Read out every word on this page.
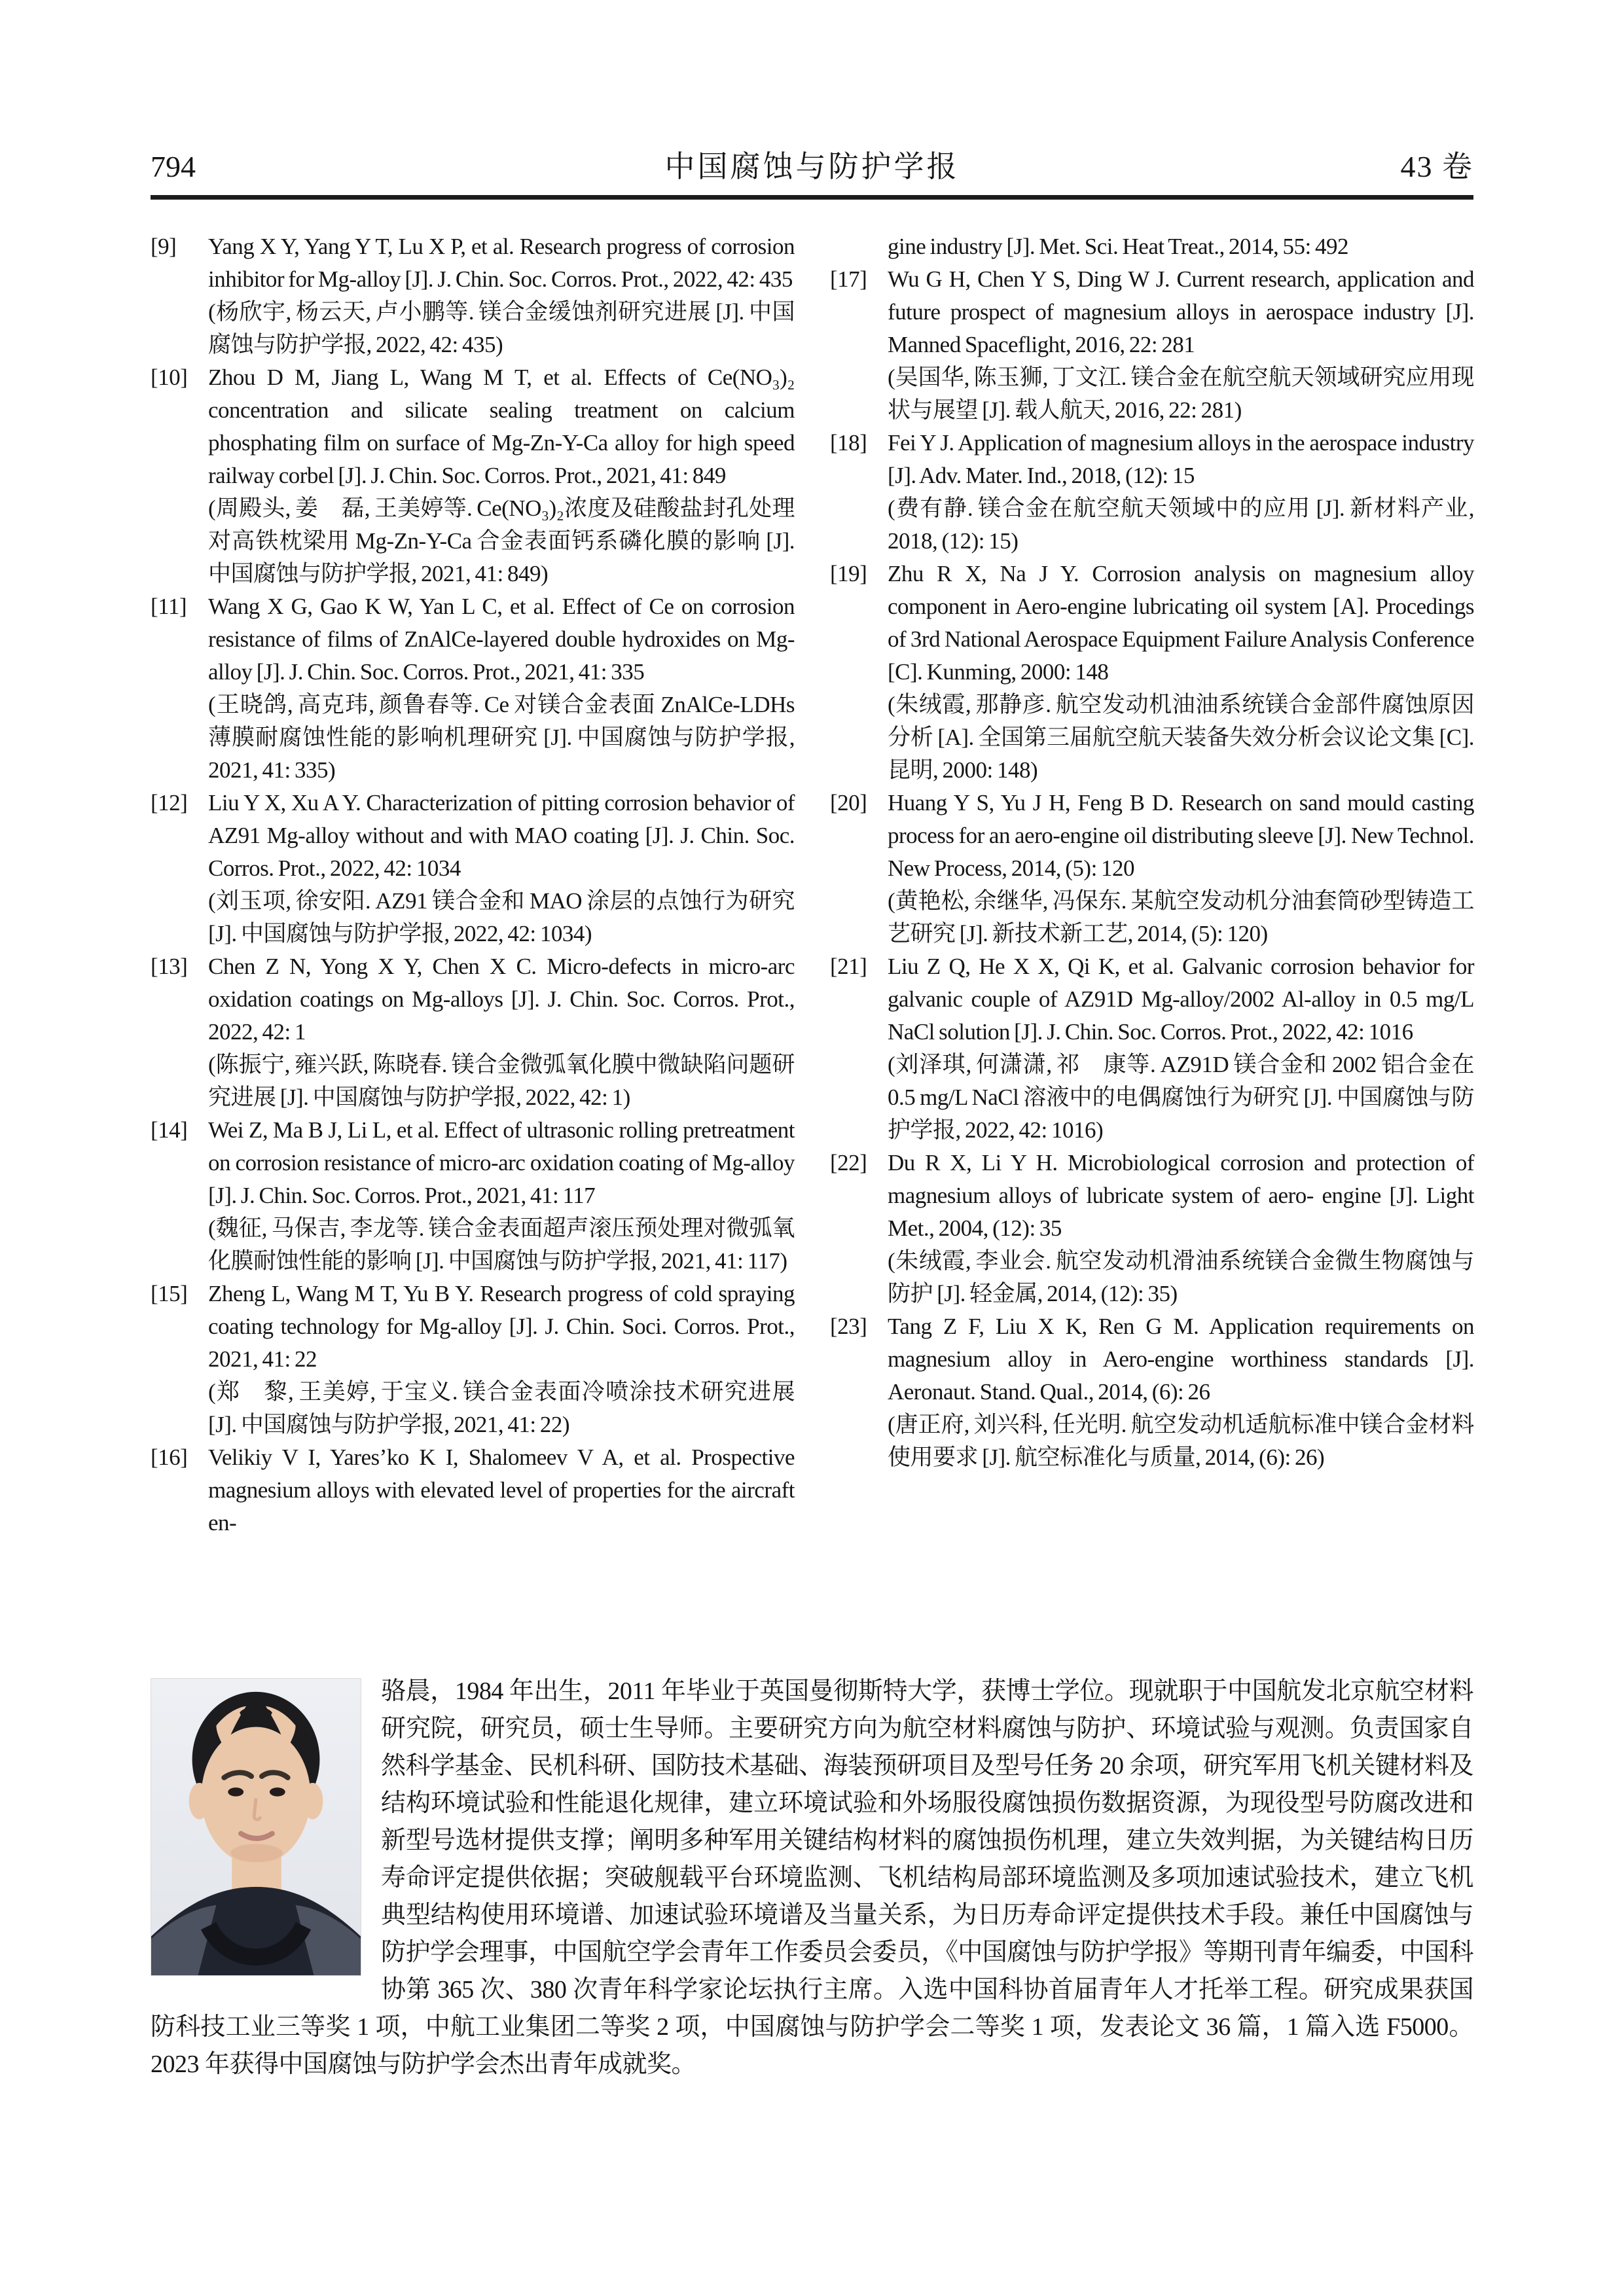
794	中国腐蚀与防护学报	43 卷
[9] Yang X Y, Yang Y T, Lu X P, et al. Research progress of corrosion inhibitor for Mg-alloy [J]. J. Chin. Soc. Corros. Prot., 2022, 42: 435

(杨欣宇, 杨云天, 卢小鹏等. 镁合金缓蚀剂研究进展 [J]. 中国腐蚀与防护学报, 2022, 42: 435)

[10] Zhou D M, Jiang L, Wang M T, et al. Effects of Ce(NO₃)₂ concentration and silicate sealing treatment on calcium phosphating film on surface of Mg-Zn-Y-Ca alloy for high speed railway corbel [J]. J. Chin. Soc. Corros. Prot., 2021, 41: 849

(周殿头, 姜　磊, 王美婷等. Ce(NO₃)₂浓度及硅酸盐封孔处理对高铁枕梁用 Mg-Zn-Y-Ca 合金表面钙系磷化膜的影响 [J]. 中国腐蚀与防护学报, 2021, 41: 849)

[11] Wang X G, Gao K W, Yan L C, et al. Effect of Ce on corrosion resistance of films of ZnAlCe-layered double hydroxides on Mg-alloy [J]. J. Chin. Soc. Corros. Prot., 2021, 41: 335

(王晓鸽, 高克玮, 颜鲁春等. Ce 对镁合金表面 ZnAlCe-LDHs 薄膜耐腐蚀性能的影响机理研究 [J]. 中国腐蚀与防护学报, 2021, 41: 335)

[12] Liu Y X, Xu A Y. Characterization of pitting corrosion behavior of AZ91 Mg-alloy without and with MAO coating [J]. J. Chin. Soc. Corros. Prot., 2022, 42: 1034

(刘玉项, 徐安阳. AZ91 镁合金和 MAO 涂层的点蚀行为研究 [J]. 中国腐蚀与防护学报, 2022, 42: 1034)

[13] Chen Z N, Yong X Y, Chen X C. Micro-defects in micro-arc oxidation coatings on Mg-alloys [J]. J. Chin. Soc. Corros. Prot., 2022, 42: 1

(陈振宁, 雍兴跃, 陈晓春. 镁合金微弧氧化膜中微缺陷问题研究进展 [J]. 中国腐蚀与防护学报, 2022, 42: 1)

[14] Wei Z, Ma B J, Li L, et al. Effect of ultrasonic rolling pretreatment on corrosion resistance of micro-arc oxidation coating of Mg-alloy [J]. J. Chin. Soc. Corros. Prot., 2021, 41: 117

(魏征, 马保吉, 李龙等. 镁合金表面超声滚压预处理对微弧氧化膜耐蚀性能的影响 [J]. 中国腐蚀与防护学报, 2021, 41: 117)

[15] Zheng L, Wang M T, Yu B Y. Research progress of cold spraying coating technology for Mg-alloy [J]. J. Chin. Soci. Corros. Prot., 2021, 41: 22

(郑　黎, 王美婷, 于宝义. 镁合金表面冷喷涂技术研究进展 [J]. 中国腐蚀与防护学报, 2021, 41: 22)

[16] Velikiy V I, Yares’ko K I, Shalomeev V A, et al. Prospective magnesium alloys with elevated level of properties for the aircraft en-

gine industry [J]. Met. Sci. Heat Treat., 2014, 55: 492

[17] Wu G H, Chen Y S, Ding W J. Current research, application and future prospect of magnesium alloys in aerospace industry [J]. Manned Spaceflight, 2016, 22: 281

(吴国华, 陈玉狮, 丁文江. 镁合金在航空航天领域研究应用现状与展望 [J]. 载人航天, 2016, 22: 281)

[18] Fei Y J. Application of magnesium alloys in the aerospace industry [J]. Adv. Mater. Ind., 2018, (12): 15

(费有静. 镁合金在航空航天领域中的应用 [J]. 新材料产业, 2018, (12): 15)

[19] Zhu R X, Na J Y. Corrosion analysis on magnesium alloy component in Aero-engine lubricating oil system [A]. Procedings of 3rd National Aerospace Equipment Failure Analysis Conference [C]. Kunming, 2000: 148

(朱绒霞, 那静彦. 航空发动机油油系统镁合金部件腐蚀原因分析 [A]. 全国第三届航空航天装备失效分析会议论文集 [C]. 昆明, 2000: 148)

[20] Huang Y S, Yu J H, Feng B D. Research on sand mould casting process for an aero-engine oil distributing sleeve [J]. New Technol. New Process, 2014, (5): 120

(黄艳松, 余继华, 冯保东. 某航空发动机分油套筒砂型铸造工艺研究 [J]. 新技术新工艺, 2014, (5): 120)

[21] Liu Z Q, He X X, Qi K, et al. Galvanic corrosion behavior for galvanic couple of AZ91D Mg-alloy/2002 Al-alloy in 0.5 mg/L NaCl solution [J]. J. Chin. Soc. Corros. Prot., 2022, 42: 1016

(刘泽琪, 何潇潇, 祁　康等. AZ91D 镁合金和 2002 铝合金在 0.5 mg/L NaCl 溶液中的电偶腐蚀行为研究 [J]. 中国腐蚀与防护学报, 2022, 42: 1016)

[22] Du R X, Li Y H. Microbiological corrosion and protection of magnesium alloys of lubricate system of aero- engine [J]. Light Met., 2004, (12): 35

(朱绒霞, 李业会. 航空发动机滑油系统镁合金微生物腐蚀与防护 [J]. 轻金属, 2014, (12): 35)

[23] Tang Z F, Liu X K, Ren G M. Application requirements on magnesium alloy in Aero-engine worthiness standards [J]. Aeronaut. Stand. Qual., 2014, (6): 26

(唐正府, 刘兴科, 任光明. 航空发动机适航标准中镁合金材料使用要求 [J]. 航空标准化与质量, 2014, (6): 26)

骆晨，1984 年出生，2011 年毕业于英国曼彻斯特大学，获博士学位。现就职于中国航发北京航空材料研究院，研究员，硕士生导师。主要研究方向为航空材料腐蚀与防护、环境试验与观测。负责国家自然科学基金、民机科研、国防技术基础、海装预研项目及型号任务 20 余项，研究军用飞机关键材料及结构环境试验和性能退化规律，建立环境试验和外场服役腐蚀损伤数据资源，为现役型号防腐改进和新型号选材提供支撑；阐明多种军用关键结构材料的腐蚀损伤机理，建立失效判据，为关键结构日历寿命评定提供依据；突破舰载平台环境监测、飞机结构局部环境监测及多项加速试验技术，建立飞机典型结构使用环境谱、加速试验环境谱及当量关系，为日历寿命评定提供技术手段。兼任中国腐蚀与防护学会理事，中国航空学会青年工作委员会委员，《中国腐蚀与防护学报》等期刊青年编委，中国科协第 365 次、380 次青年科学家论坛执行主席。入选中国科协首届青年人才托举工程。研究成果获国防科技工业三等奖 1 项，中航工业集团二等奖 2 项，中国腐蚀与防护学会二等奖 1 项，发表论文 36 篇，1 篇入选 F5000。2023 年获得中国腐蚀与防护学会杰出青年成就奖。
